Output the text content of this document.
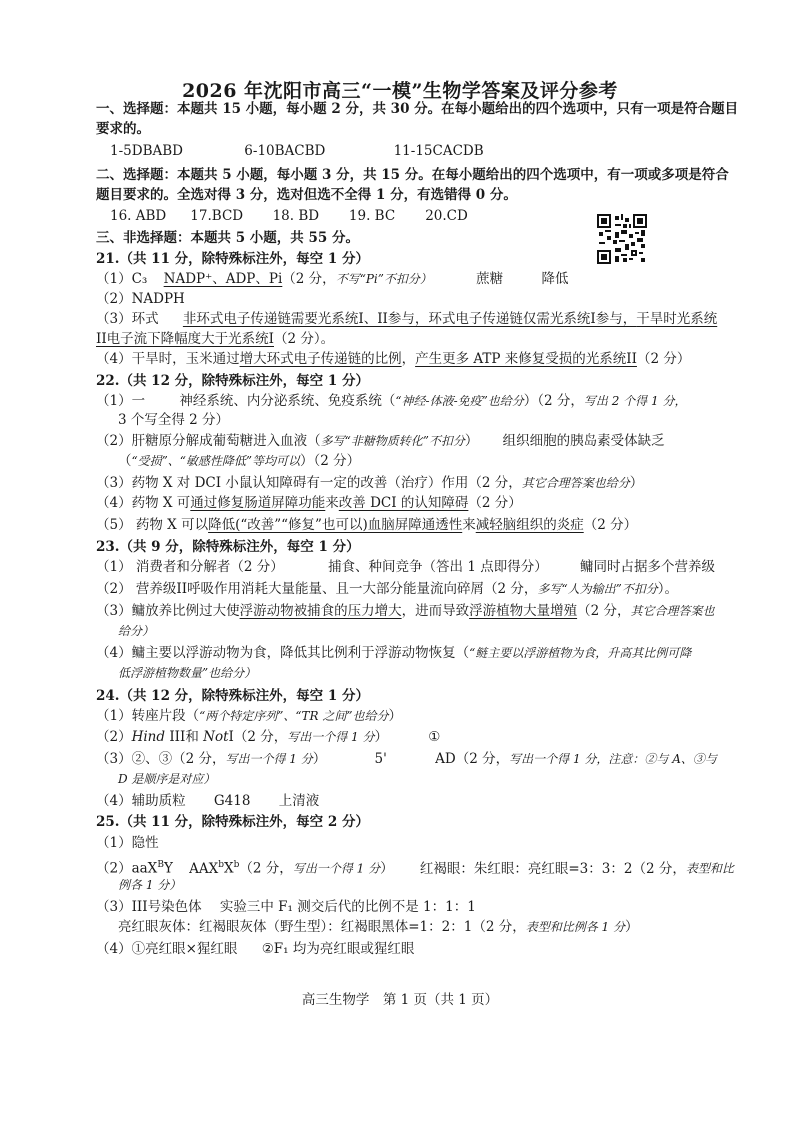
2026 年沈阳市高三“一模”生物学答案及评分参考
一、选择题：本题共 15 小题，每小题 2 分，共 30 分。在每小题给出的四个选项中，只有一项是符合题目
要求的。
1-5DBABD	6-10BACBD	11-15CACDB
二、选择题：本题共 5 小题，每小题 3 分，共 15 分。在每小题给出的四个选项中，有一项或多项是符合
题目要求的。全选对得 3 分，选对但选不全得 1 分，有选错得 0 分。
16. ABD 17.BCD 18. BD 19. BC 20.CD
三、非选择题：本题共 5 小题，共 55 分。
21.（共 11 分，除特殊标注外，每空 1 分）
（1）C₃ NADP⁺、ADP、Pi（2 分，不写“Pi”不扣分）	蔗糖	降低
（2）NADPH
（3）环式 非环式电子传递链需要光系统I、II参与，环式电子传递链仅需光系统I参与，干旱时光系统
II电子流下降幅度大于光系统I（2 分）。
（4）干旱时，玉米通过增大环式电子传递链的比例，产生更多 ATP 来修复受损的光系统II（2 分）
22.（共 12 分，除特殊标注外，每空 1 分）
（1）一	神经系统、内分泌系统、免疫系统（“神经-体液-免疫”也给分）（2 分，写出 2 个得 1 分，
3 个写全得 2 分）
（2）肝糖原分解成葡萄糖进入血液（多写“非糖物质转化”不扣分） 组织细胞的胰岛素受体缺乏
（“受损”、“敏感性降低”等均可以）（2 分）
（3）药物 X 对 DCI 小鼠认知障碍有一定的改善（治疗）作用（2 分，其它合理答案也给分）
（4）药物 X 可通过修复肠道屏障功能来改善 DCI 的认知障碍（2 分）
（5） 药物 X 可以降低(“改善”“修复”也可以)血脑屏障通透性来减轻脑组织的炎症（2 分）
23.（共 9 分，除特殊标注外，每空 1 分）
（1） 消费者和分解者（2 分）	捕食、种间竞争（答出 1 点即得分） 鳙同时占据多个营养级
（2） 营养级II呼吸作用消耗大量能量、且一大部分能量流向碎屑（2 分，多写“人为输出”不扣分）。
（3）鳙放养比例过大使浮游动物被捕食的压力增大，进而导致浮游植物大量增殖（2 分，其它合理答案也
给分）
（4）鳙主要以浮游动物为食，降低其比例利于浮游动物恢复（“鲢主要以浮游植物为食，升高其比例可降
低浮游植物数量”也给分）
24.（共 12 分，除特殊标注外，每空 1 分）
（1）转座片段（“两个特定序列”、“TR 之间”也给分）
（2）Hind III和 NotI（2 分，写出一个得 1 分）	①
（3）②、③（2 分，写出一个得 1 分）	5'	AD（2 分，写出一个得 1 分，注意：②与 A、③与
D 是顺序是对应）
（4）辅助质粒 G418 上清液
25.（共 11 分，除特殊标注外，每空 2 分）
（1）隐性
（2）aaX$^B$Y $AAX^bX^b(2$ 分，写出一个得 1 分） 红褐眼：朱红眼：亮红眼=3：3：2（2 分，表型和比
例各 1 分）
（3）III号染色体 实验三中 F₁ 测交后代的比例不是 1：1：1
亮红眼灰体：红褐眼灰体（野生型）：红褐眼黑体=1：2：1（2 分，表型和比例各 1 分）
（4）①亮红眼×猩红眼 ②F₁ 均为亮红眼或猩红眼
高三生物学　第 1 页（共 1 页）
